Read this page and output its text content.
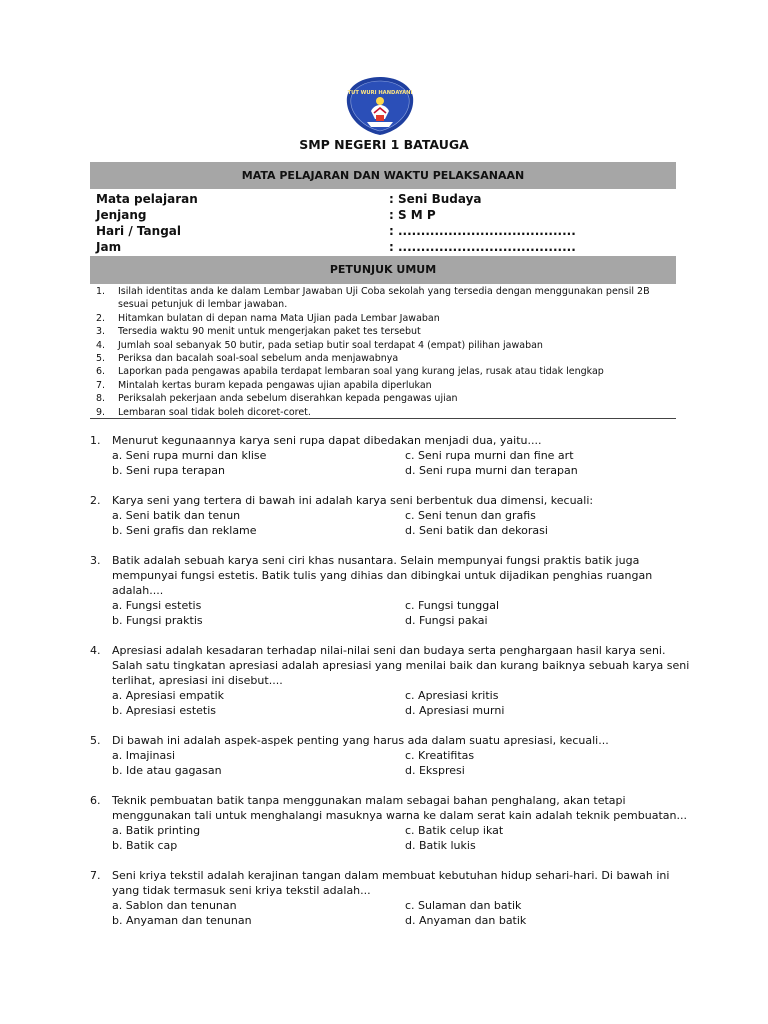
TUT WURI HANDAYANI
SMP NEGERI 1 BATAUGA
MATA PELAJARAN DAN WAKTU PELAKSANAAN
Mata pelajaran	: Seni Budaya
Jenjang	: S M P
Hari / Tangal	: .......................................
Jam	: .......................................
PETUNJUK UMUM
1. Isilah identitas anda ke dalam Lembar Jawaban Uji Coba sekolah yang tersedia dengan menggunakan pensil 2B sesuai petunjuk di lembar jawaban.
2. Hitamkan bulatan di depan nama Mata Ujian pada Lembar Jawaban
3. Tersedia waktu 90 menit untuk mengerjakan paket tes tersebut
4. Jumlah soal sebanyak 50 butir, pada setiap butir soal terdapat 4 (empat) pilihan jawaban
5. Periksa dan bacalah soal-soal sebelum anda menjawabnya
6. Laporkan pada pengawas apabila terdapat lembaran soal yang kurang jelas, rusak atau tidak lengkap
7. Mintalah kertas buram kepada pengawas ujian apabila diperlukan
8. Periksalah pekerjaan anda sebelum diserahkan kepada pengawas ujian
9. Lembaran soal tidak boleh dicoret-coret.
1. Menurut kegunaannya karya seni rupa dapat dibedakan menjadi dua, yaitu....
a. Seni rupa murni dan klise	c. Seni rupa murni dan fine art
b. Seni rupa terapan	d. Seni rupa murni dan terapan
2. Karya seni yang tertera di bawah ini adalah karya seni berbentuk dua dimensi, kecuali:
a. Seni batik dan tenun	c. Seni tenun dan grafis
b. Seni grafis dan reklame	d. Seni batik dan dekorasi
3. Batik adalah sebuah karya seni ciri khas nusantara. Selain mempunyai fungsi praktis batik juga mempunyai fungsi estetis. Batik tulis yang dihias dan dibingkai untuk dijadikan penghias ruangan adalah....
a. Fungsi estetis	c. Fungsi tunggal
b. Fungsi praktis	d. Fungsi pakai
4. Apresiasi adalah kesadaran terhadap nilai-nilai seni dan budaya serta penghargaan hasil karya seni. Salah satu tingkatan apresiasi adalah apresiasi yang menilai baik dan kurang baiknya sebuah karya seni terlihat, apresiasi ini disebut....
a. Apresiasi empatik	c. Apresiasi kritis
b. Apresiasi estetis	d. Apresiasi murni
5. Di bawah ini adalah aspek-aspek penting yang harus ada dalam suatu apresiasi, kecuali...
a. Imajinasi	c. Kreatifitas
b. Ide atau gagasan	d. Ekspresi
6. Teknik pembuatan batik tanpa menggunakan malam sebagai bahan penghalang, akan tetapi menggunakan tali untuk menghalangi masuknya warna ke dalam serat kain adalah teknik pembuatan...
a. Batik printing	c. Batik celup ikat
b. Batik cap	d. Batik lukis
7. Seni kriya tekstil adalah kerajinan tangan dalam membuat kebutuhan hidup sehari-hari. Di bawah ini yang tidak termasuk seni kriya tekstil adalah...
a. Sablon dan tenunan	c. Sulaman dan batik
b. Anyaman dan tenunan	d. Anyaman dan batik
